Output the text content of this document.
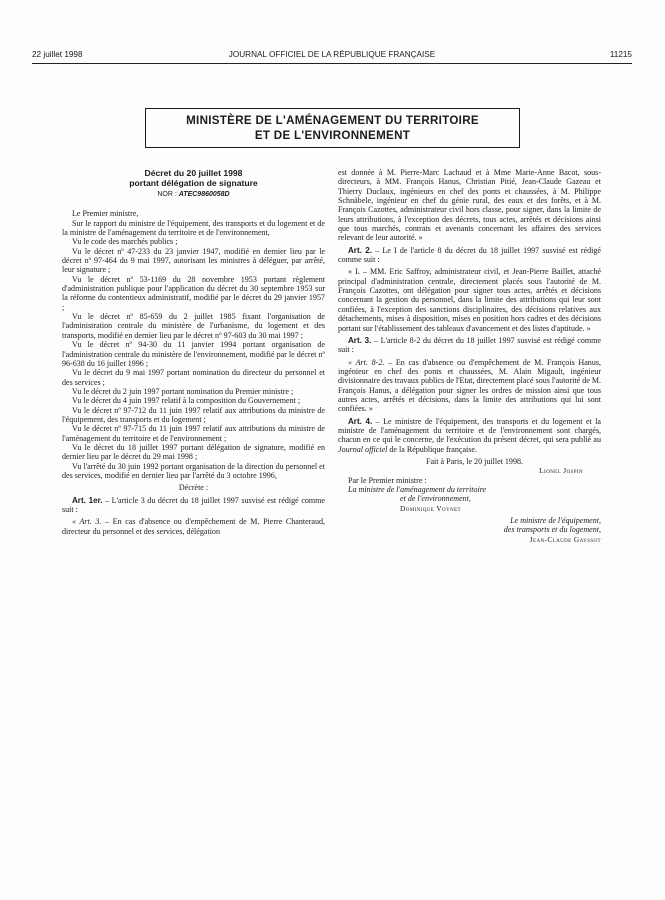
22 juillet 1998	JOURNAL OFFICIEL DE LA RÉPUBLIQUE FRANÇAISE	11215
MINISTÈRE DE L'AMÉNAGEMENT DU TERRITOIRE
ET DE L'ENVIRONNEMENT
Décret du 20 juillet 1998
portant délégation de signature
NOR : ATEC9860058D

Le Premier ministre,

Sur le rapport du ministre de l'équipement, des transports et du logement et de la ministre de l'aménagement du territoire et de l'environnement,

Vu le code des marchés publics ;

Vu le décret nº 47-233 du 23 janvier 1947, modifié en dernier lieu par le décret nº 97-464 du 9 mai 1997, autorisant les ministres à déléguer, par arrêté, leur signature ;

Vu le décret nº 53-1169 du 28 novembre 1953 portant règlement d'administration publique pour l'application du décret du 30 septembre 1953 sur la réforme du contentieux administratif, modifié par le décret du 29 janvier 1957 ;

Vu le décret nº 85-659 du 2 juillet 1985 fixant l'organisation de l'administration centrale du ministère de l'urbanisme, du logement et des transports, modifié en dernier lieu par le décret nº 97-603 du 30 mai 1997 ;

Vu le décret nº 94-30 du 11 janvier 1994 portant organisation de l'administration centrale du ministère de l'environnement, modifié par le décret nº 96-638 du 16 juillet 1996 ;

Vu le décret du 9 mai 1997 portant nomination du directeur du personnel et des services ;

Vu le décret du 2 juin 1997 portant nomination du Premier ministre ;

Vu le décret du 4 juin 1997 relatif à la composition du Gouvernement ;

Vu le décret nº 97-712 du 11 juin 1997 relatif aux attributions du ministre de l'équipement, des transports et du logement ;

Vu le décret nº 97-715 du 11 juin 1997 relatif aux attributions du ministre de l'aménagement du territoire et de l'environnement ;

Vu le décret du 18 juillet 1997 portant délégation de signature, modifié en dernier lieu par le décret du 29 mai 1998 ;

Vu l'arrêté du 30 juin 1992 portant organisation de la direction du personnel et des services, modifié en dernier lieu par l'arrêté du 3 octobre 1996,

Décrète :

Art. 1er. – L'article 3 du décret du 18 juillet 1997 susvisé est rédigé comme suit :

« Art. 3. – En cas d'absence ou d'empêchement de M. Pierre Chanteraud, directeur du personnel et des services, délégation

est donnée à M. Pierre-Marc Lachaud et à Mme Marie-Anne Bacot, sous-directeurs, à MM. François Hanus, Christian Pitié, Jean-Claude Gazeau et Thierry Duclaux, ingénieurs en chef des ponts et chaussées, à M. Philippe Schnäbele, ingénieur en chef du génie rural, des eaux et des forêts, et à M. François Cazottes, administrateur civil hors classe, pour signer, dans la limite de leurs attributions, à l'exception des décrets, tous actes, arrêtés et décisions ainsi que tous marchés, contrats et avenants concernant les affaires des services relevant de leur autorité. »

Art. 2. – Le I de l'article 8 du décret du 18 juillet 1997 susvisé est rédigé comme suit :

« I. – MM. Eric Saffroy, administrateur civil, et Jean-Pierre Baillet, attaché principal d'administration centrale, directement placés sous l'autorité de M. François Cazottes, ont délégation pour signer tous actes, arrêtés et décisions concernant la gestion du personnel, dans la limite des attributions qui leur sont confiées, à l'exception des sanctions disciplinaires, des décisions relatives aux détachements, mises à disposition, mises en position hors cadres et des décisions portant sur l'établissement des tableaux d'avancement et des listes d'aptitude. »

Art. 3. – L'article 8-2 du décret du 18 juillet 1997 susvisé est rédigé comme suit :

« Art. 8-2. – En cas d'absence ou d'empêchement de M. François Hanus, ingénieur en chef des ponts et chaussées, M. Alain Migault, ingénieur divisionnaire des travaux publics de l'Etat, directement placé sous l'autorité de M. François Hanus, a délégation pour signer les ordres de mission ainsi que tous autres actes, arrêtés et décisions, dans la limite des attributions qui lui sont confiées. »

Art. 4. – Le ministre de l'équipement, des transports et du logement et la ministre de l'aménagement du territoire et de l'environnement sont chargés, chacun en ce qui le concerne, de l'exécution du présent décret, qui sera publié au Journal officiel de la République française.

Fait à Paris, le 20 juillet 1998.

Lionel Jospin

Par le Premier ministre :

La ministre de l'aménagement du territoire

et de l'environnement,

Dominique Voynet

Le ministre de l'équipement,

des transports et du logement,

Jean-Claude Gayssot
